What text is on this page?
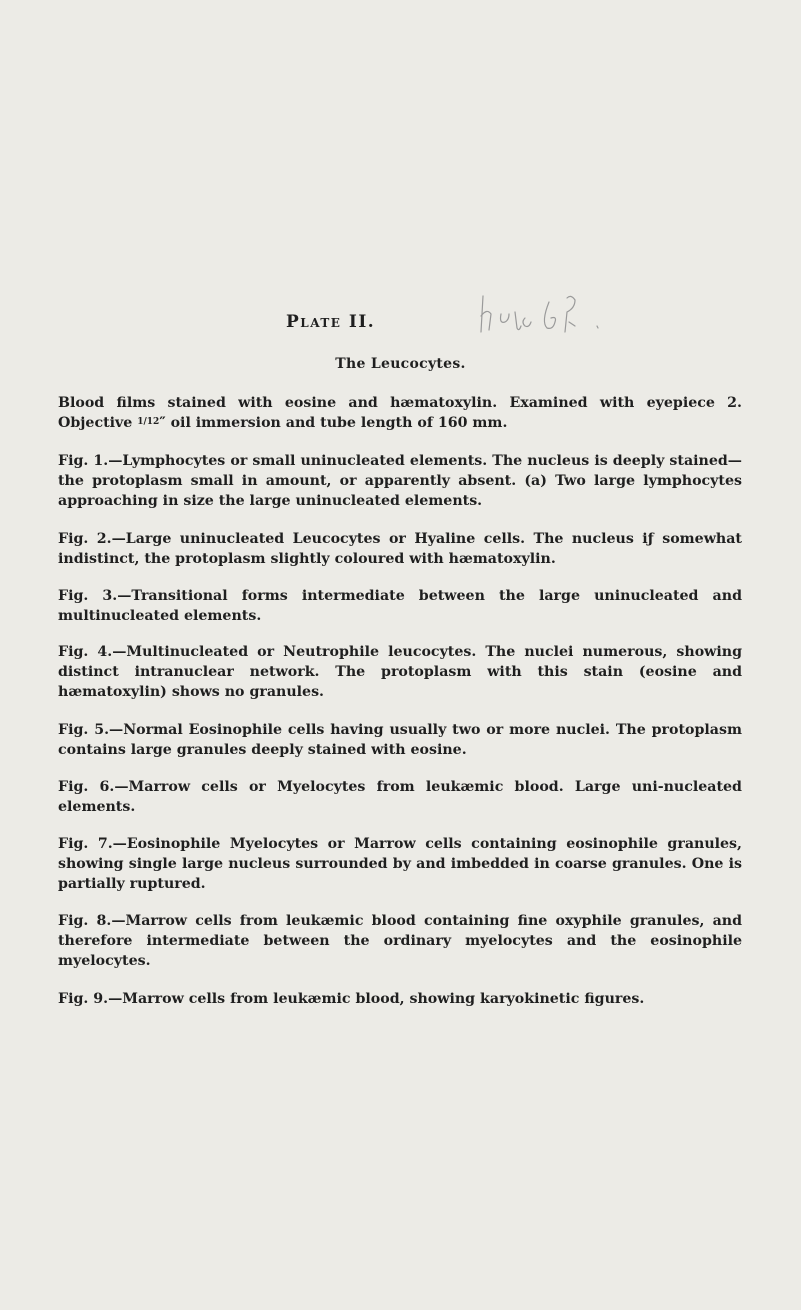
Plate II.
The Leucocytes.
Blood films stained with eosine and hæmatoxylin. Examined with eyepiece 2. Objective 1/12″ oil immersion and tube length of 160 mm.
Fig. 1.—Lymphocytes or small uninucleated elements. The nucleus is deeply stained—the protoplasm small in amount, or apparently absent. (a) Two large lymphocytes approaching in size the large uninucleated elements.
Fig. 2.—Large uninucleated Leucocytes or Hyaline cells. The nucleus iƒ somewhat indistinct, the protoplasm slightly coloured with hæmatoxylin.
Fig. 3.—Transitional forms intermediate between the large uninucleated and multinucleated elements.
Fig. 4.—Multinucleated or Neutrophile leucocytes. The nuclei numerous, showing distinct intranuclear network. The protoplasm with this stain (eosine and hæmatoxylin) shows no granules.
Fig. 5.—Normal Eosinophile cells having usually two or more nuclei. The protoplasm contains large granules deeply stained with eosine.
Fig. 6.—Marrow cells or Myelocytes from leukæmic blood. Large uni-nucleated elements.
Fig. 7.—Eosinophile Myelocytes or Marrow cells containing eosinophile granules, showing single large nucleus surrounded by and imbedded in coarse granules. One is partially ruptured.
Fig. 8.—Marrow cells from leukæmic blood containing fine oxyphile granules, and therefore intermediate between the ordinary myelocytes and the eosinophile myelocytes.
Fig. 9.—Marrow cells from leukæmic blood, showing karyokinetic figures.
